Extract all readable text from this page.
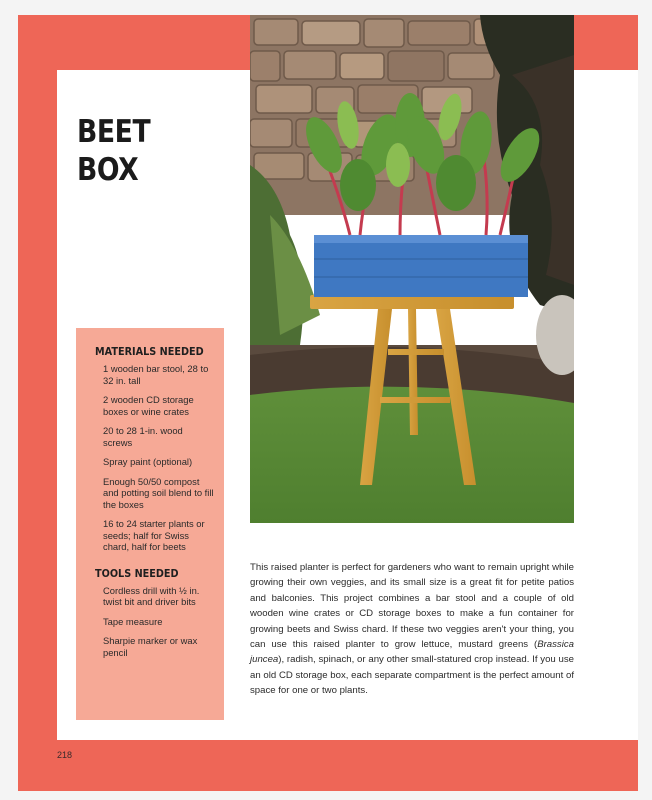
BEET
BOX
MATERIALS NEEDED
1 wooden bar stool, 28 to 32 in. tall
2 wooden CD storage boxes or wine crates
20 to 28 1-in. wood screws
Spray paint (optional)
Enough 50/50 compost and potting soil blend to fill the boxes
16 to 24 starter plants or seeds; half for Swiss chard, half for beets
TOOLS NEEDED
Cordless drill with ½ in. twist bit and driver bits
Tape measure
Sharpie marker or wax pencil

This raised planter is perfect for gardeners who want to remain upright while growing their own veggies, and its small size is a great fit for petite patios and balconies. This project combines a bar stool and a couple of old wooden wine crates or CD storage boxes to make a fun container for growing beets and Swiss chard. If these two veggies aren't your thing, you can use this raised planter to grow lettuce, mustard greens (Brassica juncea), radish, spinach, or any other small-statured crop instead. If you use an old CD storage box, each separate compartment is the perfect amount of space for one or two plants.

218
